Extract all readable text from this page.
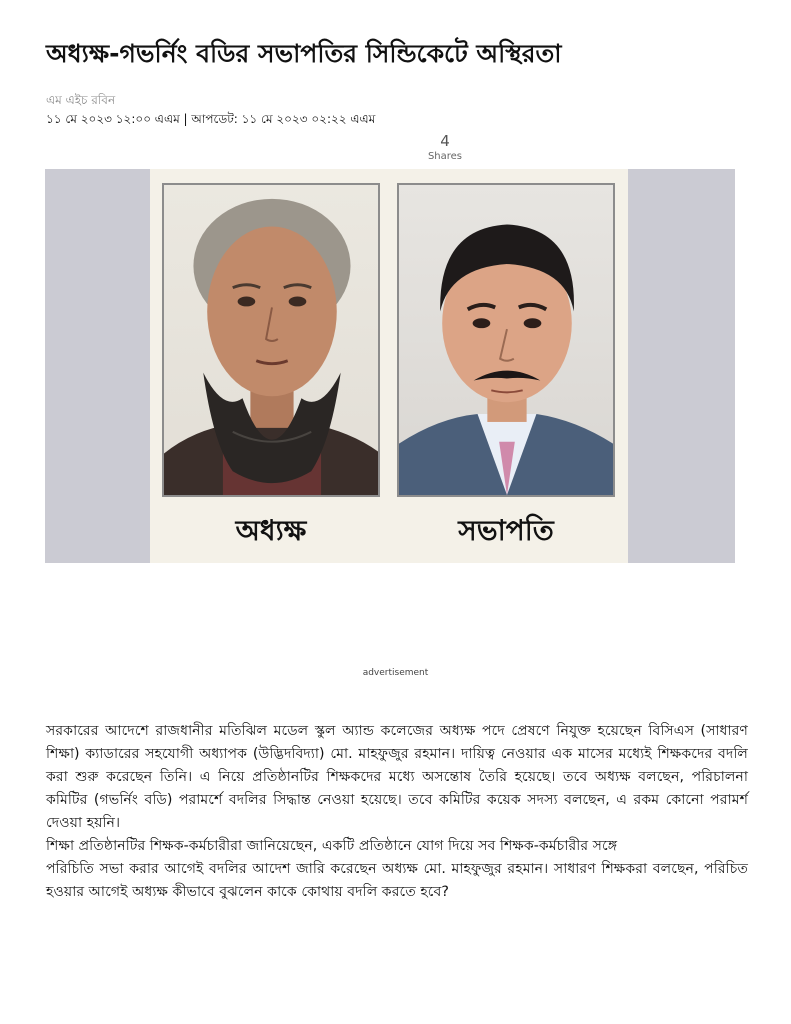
অধ্যক্ষ-গভর্নিং বডির সভাপতির সিন্ডিকেটে অস্থিরতা
এম এইচ রবিন
১১ মে ২০২৩ ১২:০০ এএম | আপডেট: ১১ মে ২০২৩ ০২:২২ এএম
4
Shares
অধ্যক্ষ	সভাপতি
advertisement

সরকারের আদেশে রাজধানীর মতিঝিল মডেল স্কুল অ্যান্ড কলেজের অধ্যক্ষ পদে প্রেষণে নিযুক্ত হয়েছেন বিসিএস (সাধারণ শিক্ষা) ক্যাডারের সহযোগী অধ্যাপক (উদ্ভিদবিদ্যা) মো. মাহফুজুর রহমান। দায়িত্ব নেওয়ার এক মাসের মধ্যেই শিক্ষকদের বদলি করা শুরু করেছেন তিনি। এ নিয়ে প্রতিষ্ঠানটির শিক্ষকদের মধ্যে অসন্তোষ তৈরি হয়েছে। তবে অধ্যক্ষ বলছেন, পরিচালনা কমিটির (গভর্নিং বডি) পরামর্শে বদলির সিদ্ধান্ত নেওয়া হয়েছে। তবে কমিটির কয়েক সদস্য বলছেন, এ রকম কোনো পরামর্শ দেওয়া হয়নি।

শিক্ষা প্রতিষ্ঠানটির শিক্ষক-কর্মচারীরা জানিয়েছেন, একটি প্রতিষ্ঠানে যোগ দিয়ে সব শিক্ষক-কর্মচারীর সঙ্গে

পরিচিতি সভা করার আগেই বদলির আদেশ জারি করেছেন অধ্যক্ষ মো. মাহফুজুর রহমান। সাধারণ শিক্ষকরা বলছেন, পরিচিত হওয়ার আগেই অধ্যক্ষ কীভাবে বুঝলেন কাকে কোথায় বদলি করতে হবে?
